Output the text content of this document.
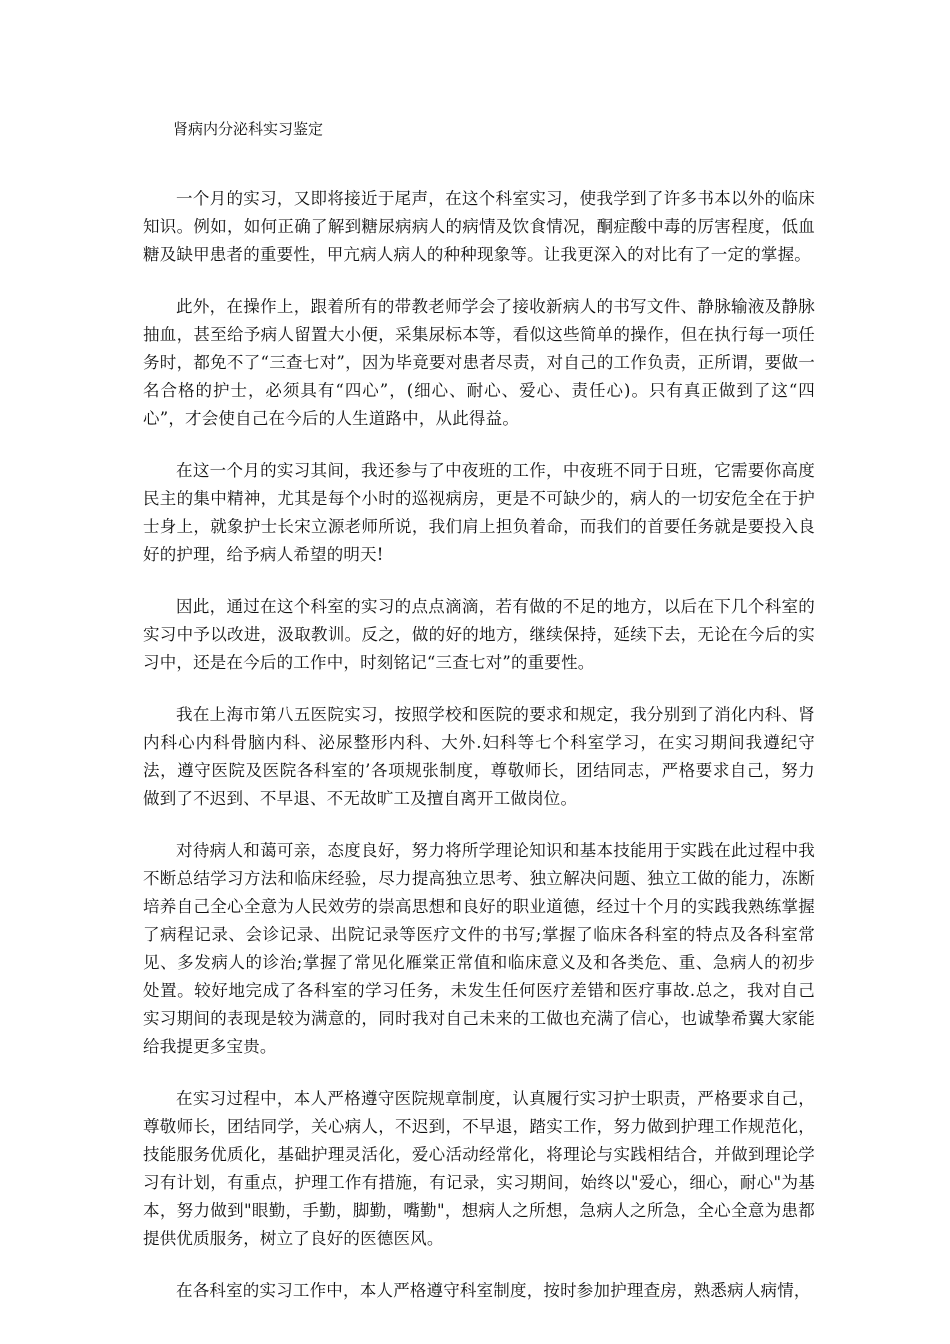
肾病内分泌科实习鉴定

一个月的实习，又即将接近于尾声，在这个科室实习，使我学到了许多书本以外的临床知识。例如，如何正确了解到糖尿病病人的病情及饮食情况，酮症酸中毒的厉害程度，低血糖及缺甲患者的重要性，甲亢病人病人的种种现象等。让我更深入的对比有了一定的掌握。

此外，在操作上，跟着所有的带教老师学会了接收新病人的书写文件、静脉输液及静脉抽血，甚至给予病人留置大小便，采集尿标本等，看似这些简单的操作，但在执行每一项任务时，都免不了“三查七对”，因为毕竟要对患者尽责，对自己的工作负责，正所谓，要做一名合格的护士，必须具有“四心”，(细心、耐心、爱心、责任心)。只有真正做到了这“四心”，才会使自己在今后的人生道路中，从此得益。

在这一个月的实习其间，我还参与了中夜班的工作，中夜班不同于日班，它需要你高度民主的集中精神，尤其是每个小时的巡视病房，更是不可缺少的，病人的一切安危全在于护士身上，就象护士长宋立源老师所说，我们肩上担负着命，而我们的首要任务就是要投入良好的护理，给予病人希望的明天!

因此，通过在这个科室的实习的点点滴滴，若有做的不足的地方，以后在下几个科室的实习中予以改进，汲取教训。反之，做的好的地方，继续保持，延续下去，无论在今后的实习中，还是在今后的工作中，时刻铭记“三查七对”的重要性。

我在上海市第八五医院实习，按照学校和医院的要求和规定，我分别到了消化内科、肾内科心内科骨脑内科、泌尿整形内科、大外.妇科等七个科室学习，在实习期间我遵纪守法，遵守医院及医院各科室的’各项规张制度，尊敬师长，团结同志，严格要求自己，努力做到了不迟到、不早退、不无故旷工及擅自离开工做岗位。

对待病人和蔼可亲，态度良好，努力将所学理论知识和基本技能用于实践在此过程中我不断总结学习方法和临床经验，尽力提高独立思考、独立解决问题、独立工做的能力，冻断培养自己全心全意为人民效劳的崇高思想和良好的职业道德，经过十个月的实践我熟练掌握了病程记录、会诊记录、出院记录等医疗文件的书写;掌握了临床各科室的特点及各科室常见、多发病人的诊治;掌握了常见化雁棠正常值和临床意义及和各类危、重、急病人的初步处置。较好地完成了各科室的学习任务，未发生任何医疗差错和医疗事故.总之，我对自己实习期间的表现是较为满意的，同时我对自己未来的工做也充满了信心，也诚挚希翼大家能给我提更多宝贵。

在实习过程中，本人严格遵守医院规章制度，认真履行实习护士职责，严格要求自己，尊敬师长，团结同学，关心病人，不迟到，不早退，踏实工作，努力做到护理工作规范化，技能服务优质化，基础护理灵活化，爱心活动经常化，将理论与实践相结合，并做到理论学习有计划，有重点，护理工作有措施，有记录，实习期间，始终以"爱心，细心，耐心"为基本，努力做到"眼勤，手勤，脚勤，嘴勤"，想病人之所想，急病人之所急，全心全意为患都提供优质服务，树立了良好的医德医风。

在各科室的实习工作中，本人严格遵守科室制度，按时参加护理查房，熟悉病人病情，
